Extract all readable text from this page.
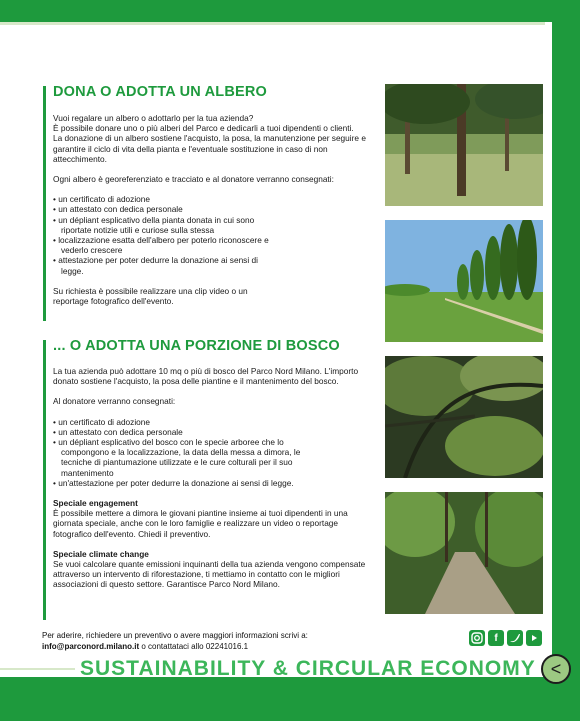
DONA O ADOTTA UN ALBERO

Vuoi regalare un albero o adottarlo per la tua azienda?

È possibile donare uno o più alberi del Parco e dedicarli a tuoi dipendenti o clienti.

La donazione di un albero sostiene l'acquisto, la posa, la manutenzione per seguire e garantire il ciclo di vita della pianta e l'eventuale sostituzione in caso di non attecchimento.

Ogni albero è georeferenziato e tracciato e al donatore verranno consegnati:

• un certificato di adozione
• un attestato con dedica personale
• un dépliant esplicativo della pianta donata in cui sono riportate notizie utili e curiose sulla stessa
• localizzazione esatta dell'albero per poterlo riconoscere e vederlo crescere
• attestazione per poter dedurre la donazione ai sensi di legge.

Su richiesta è possibile realizzare una clip video o un reportage fotografico dell'evento.

... O ADOTTA UNA PORZIONE DI BOSCO

La tua azienda può adottare 10 mq o più di bosco del Parco Nord Milano. L'importo donato sostiene l'acquisto, la posa delle piantine e il mantenimento del bosco.

Al donatore verranno consegnati:

• un certificato di adozione
• un attestato con dedica personale
• un dépliant esplicativo del bosco con le specie arboree che lo compongono e la localizzazione, la data della messa a dimora, le tecniche di piantumazione utilizzate e le cure colturali per il suo mantenimento
• un'attestazione per poter dedurre la donazione ai sensi di legge.

Speciale engagement

È possibile mettere a dimora le giovani piantine insieme ai tuoi dipendenti in una giornata speciale, anche con le loro famiglie e realizzare un video o reportage fotografico dell'evento. Chiedi il preventivo.

Speciale climate change

Se vuoi calcolare quante emissioni inquinanti della tua azienda vengono compensate attraverso un intervento di riforestazione, ti mettiamo in contatto con le migliori associazioni di questo settore. Garantisce Parco Nord Milano.

Per aderire, richiedere un preventivo o avere maggiori informazioni scrivi a:
info@parconord.milano.it o contattataci allo 02241016.1
f
SUSTAINABILITY & CIRCULAR ECONOMY <
